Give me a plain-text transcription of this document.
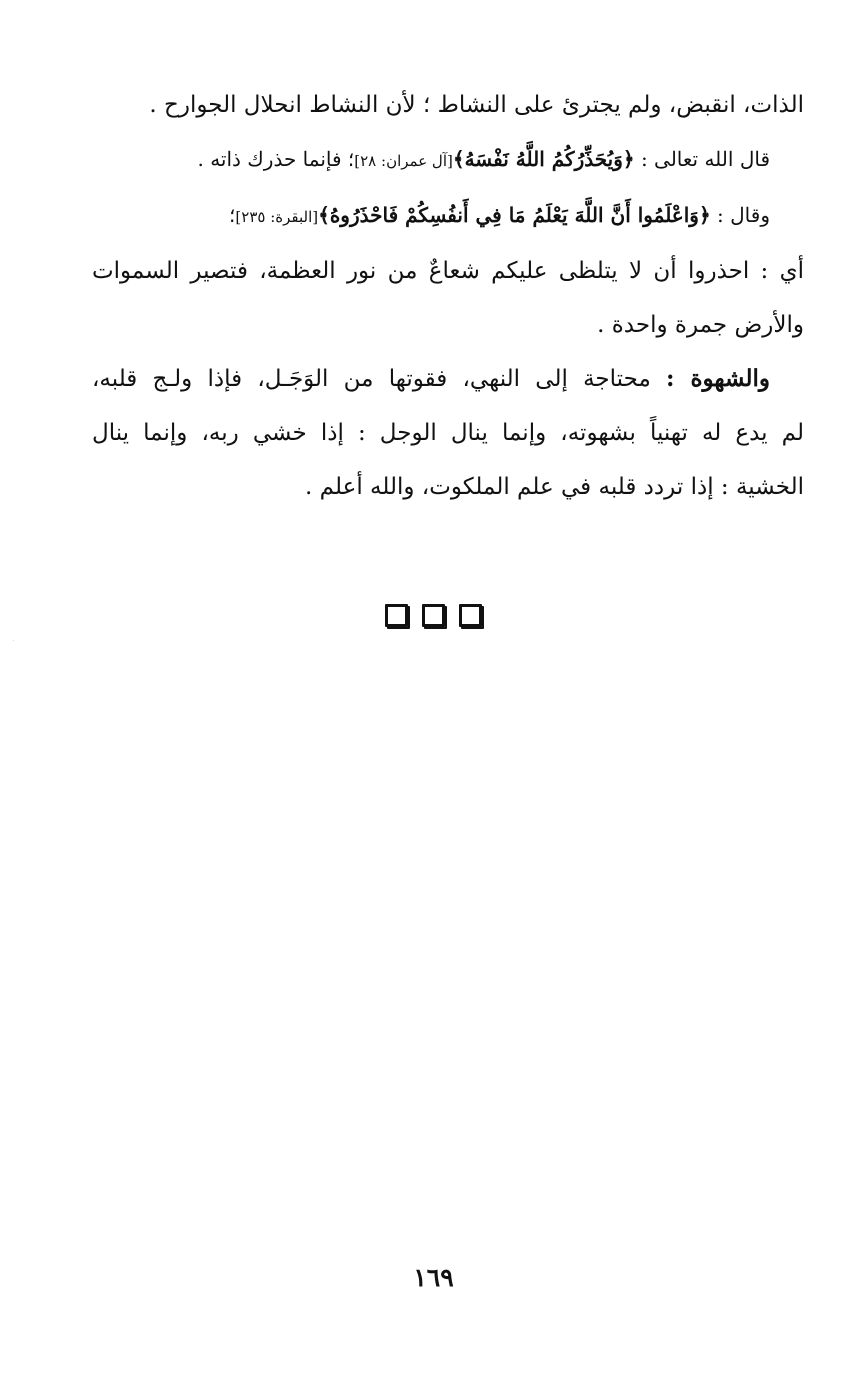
الذات، انقبض، ولم يجترئ على النشاط ؛ لأن النشاط انحلال الجوارح .

قال الله تعالى : ﴿وَيُحَذِّرُكُمُ اللَّهُ نَفْسَهُ﴾[آل عمران: ٢٨]؛ فإنما حذرك ذاته .

وقال : ﴿وَاعْلَمُوا أَنَّ اللَّهَ يَعْلَمُ مَا فِي أَنفُسِكُمْ فَاحْذَرُوهُ﴾[البقرة: ٢٣٥]؛

أي : احذروا أن لا يتلظى عليكم شعاعٌ من نور العظمة، فتصير السموات

والأرض جمرة واحدة .

والشهوة : محتاجة إلى النهي، فقوتها من الوَجَـل، فإذا ولـج قلبه،

لم يدع له تهنياً بشهوته، وإنما ينال الوجل : إذا خشي ربه، وإنما ينال

الخشية : إذا تردد قلبه في علم الملكوت، والله أعلم .

١٦٩
